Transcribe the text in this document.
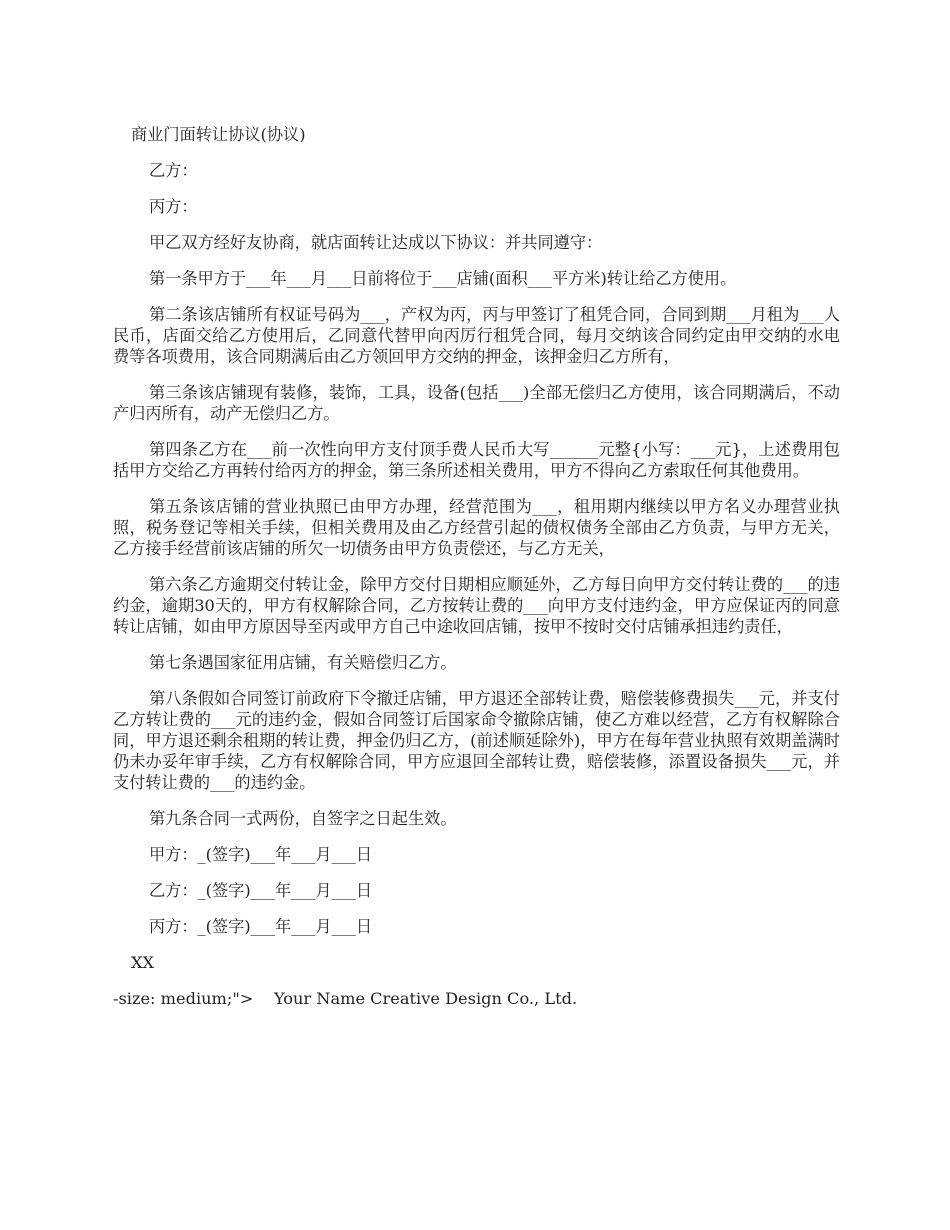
商业门面转让协议(协议)
乙方：
丙方：
甲乙双方经好友协商，就店面转让达成以下协议：并共同遵守：
第一条甲方于___年___月___日前将位于___店铺(面积___平方米)转让给乙方使用。
第二条该店铺所有权证号码为___，产权为丙，丙与甲签订了租凭合同，合同到期___月租为___人民币，店面交给乙方使用后，乙同意代替甲向丙厉行租凭合同，每月交纳该合同约定由甲交纳的水电费等各项费用，该合同期满后由乙方领回甲方交纳的押金，该押金归乙方所有，
第三条该店铺现有装修，装饰，工具，设备(包括___)全部无偿归乙方使用，该合同期满后，不动产归丙所有，动产无偿归乙方。
第四条乙方在___前一次性向甲方支付顶手费人民币大写______元整{小写：___元}，上述费用包括甲方交给乙方再转付给丙方的押金，第三条所述相关费用，甲方不得向乙方索取任何其他费用。
第五条该店铺的营业执照已由甲方办理，经营范围为___，租用期内继续以甲方名义办理营业执照，税务登记等相关手续，但相关费用及由乙方经营引起的债权债务全部由乙方负责，与甲方无关，乙方接手经营前该店铺的所欠一切债务由甲方负责偿还，与乙方无关，
第六条乙方逾期交付转让金，除甲方交付日期相应顺延外，乙方每日向甲方交付转让费的___的违约金，逾期30天的，甲方有权解除合同，乙方按转让费的___向甲方支付违约金，甲方应保证丙的同意转让店铺，如由甲方原因导至丙或甲方自己中途收回店铺，按甲不按时交付店铺承担违约责任，
第七条遇国家征用店铺，有关赔偿归乙方。
第八条假如合同签订前政府下令撤迁店铺，甲方退还全部转让费，赔偿装修费损失___元，并支付乙方转让费的___元的违约金，假如合同签订后国家命令撤除店铺，使乙方难以经营，乙方有权解除合同，甲方退还剩余租期的转让费，押金仍归乙方，(前述顺延除外)，甲方在每年营业执照有效期盖满时仍未办妥年审手续，乙方有权解除合同，甲方应退回全部转让费，赔偿装修，添置设备损失___元，并支付转让费的___的违约金。
第九条合同一式两份，自签字之日起生效。
甲方：_(签字)___年___月___日
乙方：_(签字)___年___月___日
丙方：_(签字)___年___月___日
XX
-size: medium;">    Your Name Creative Design Co., Ltd.
